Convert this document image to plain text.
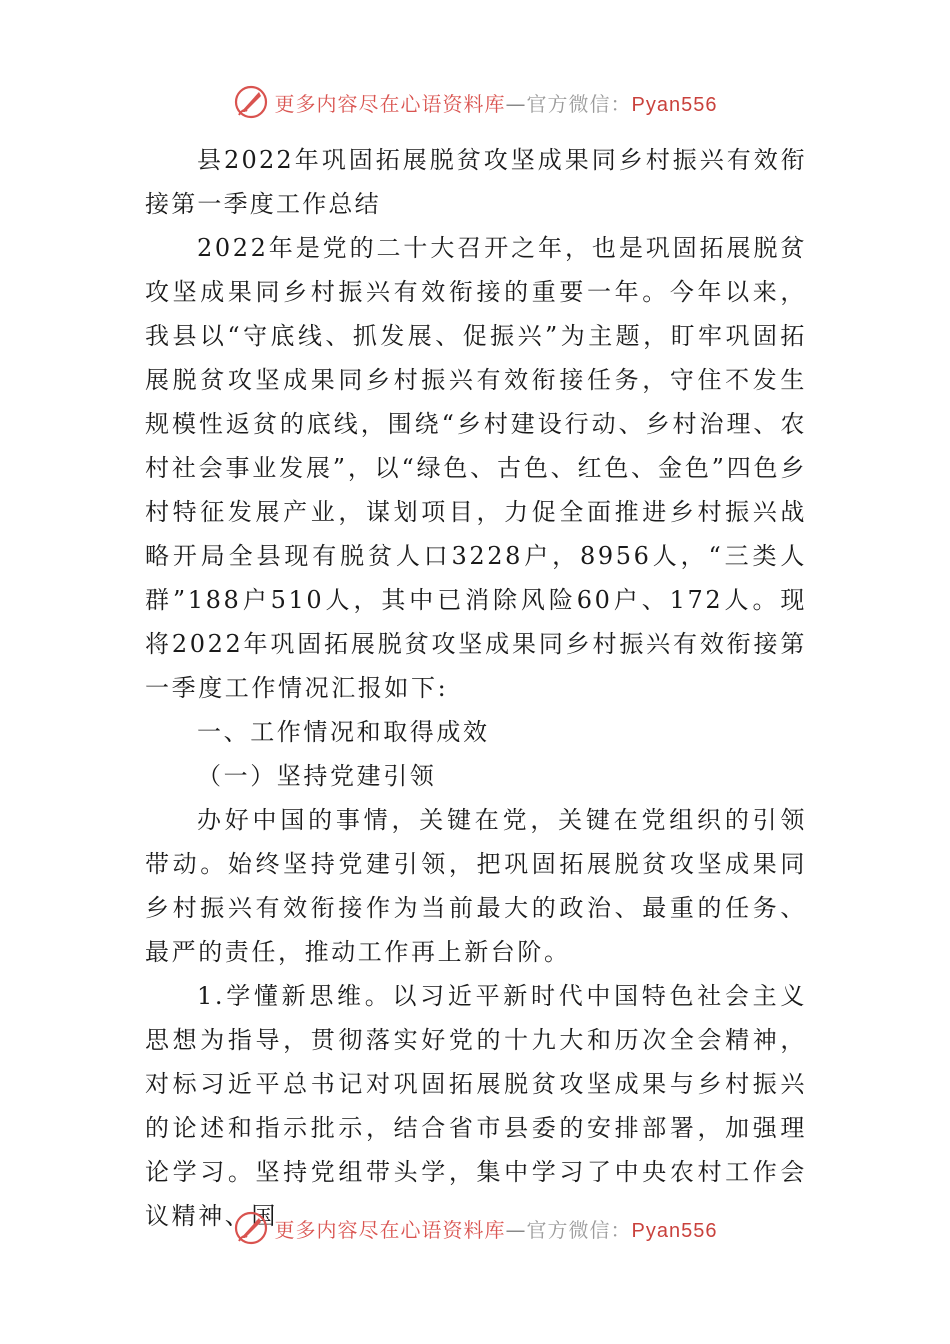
更多内容尽在心语资料库—官方微信：Pyan556

县2022年巩固拓展脱贫攻坚成果同乡村振兴有效衔接第一季度工作总结

2022年是党的二十大召开之年，也是巩固拓展脱贫攻坚成果同乡村振兴有效衔接的重要一年。今年以来，我县以“守底线、抓发展、促振兴”为主题，盯牢巩固拓展脱贫攻坚成果同乡村振兴有效衔接任务，守住不发生规模性返贫的底线，围绕“乡村建设行动、乡村治理、农村社会事业发展”，以“绿色、古色、红色、金色”四色乡村特征发展产业，谋划项目，力促全面推进乡村振兴战略开局全县现有脱贫人口3228户，8956人，“三类人群”188户510人，其中已消除风险60户、172人。现将2022年巩固拓展脱贫攻坚成果同乡村振兴有效衔接第一季度工作情况汇报如下:

一、工作情况和取得成效

（一）坚持党建引领

办好中国的事情，关键在党，关键在党组织的引领带动。始终坚持党建引领，把巩固拓展脱贫攻坚成果同乡村振兴有效衔接作为当前最大的政治、最重的任务、最严的责任，推动工作再上新台阶。

1.学懂新思维。以习近平新时代中国特色社会主义思想为指导，贯彻落实好党的十九大和历次全会精神，对标习近平总书记对巩固拓展脱贫攻坚成果与乡村振兴的论述和指示批示，结合省市县委的安排部署，加强理论学习。坚持党组带头学，集中学习了中央农村工作会议精神、国

更多内容尽在心语资料库—官方微信：Pyan556
